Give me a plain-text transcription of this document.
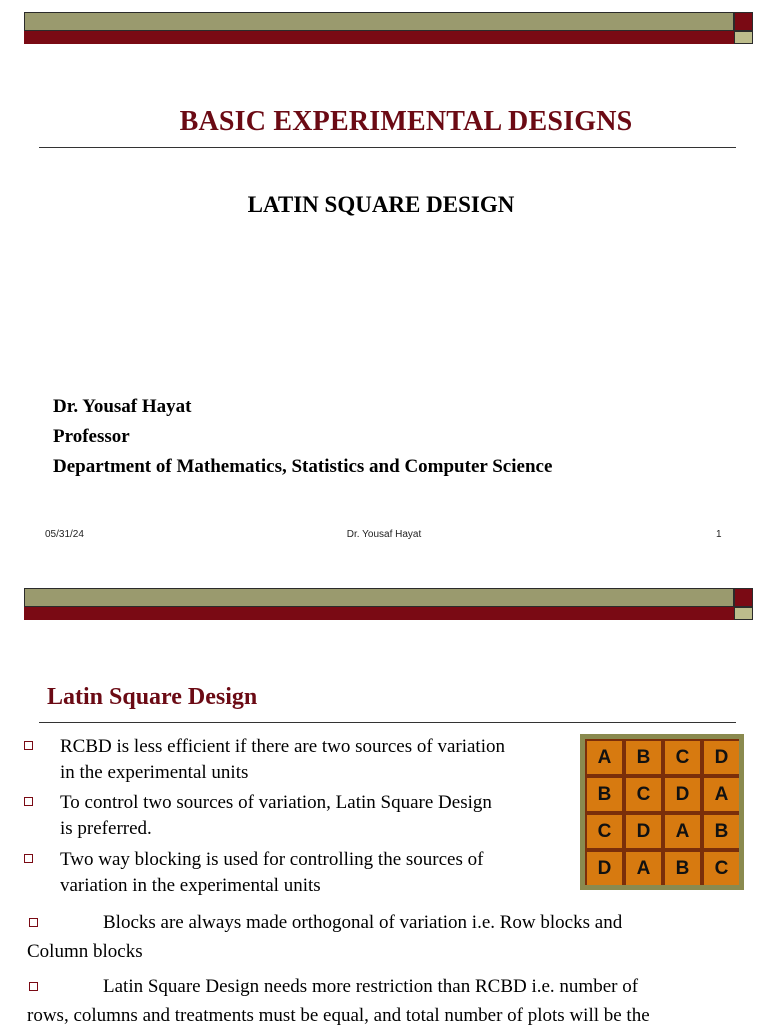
BASIC EXPERIMENTAL DESIGNS
LATIN SQUARE DESIGN
Dr. Yousaf Hayat
Professor
Department of Mathematics, Statistics and Computer Science
05/31/24	Dr. Yousaf Hayat	1
Latin Square Design
RCBD is less efficient if there are two sources of variation
in the experimental units
To control two sources of variation, Latin Square Design
is preferred.
Two way blocking is used for controlling the sources of
variation in the experimental units
A	B	C	D
B	C	D	A
C	D	A	B
D	A	B	C
Blocks are always made orthogonal of variation i.e. Row blocks and
Column blocks
Latin Square Design needs more restriction than RCBD i.e. number of
rows, columns and treatments must be equal, and total number of plots will be the
